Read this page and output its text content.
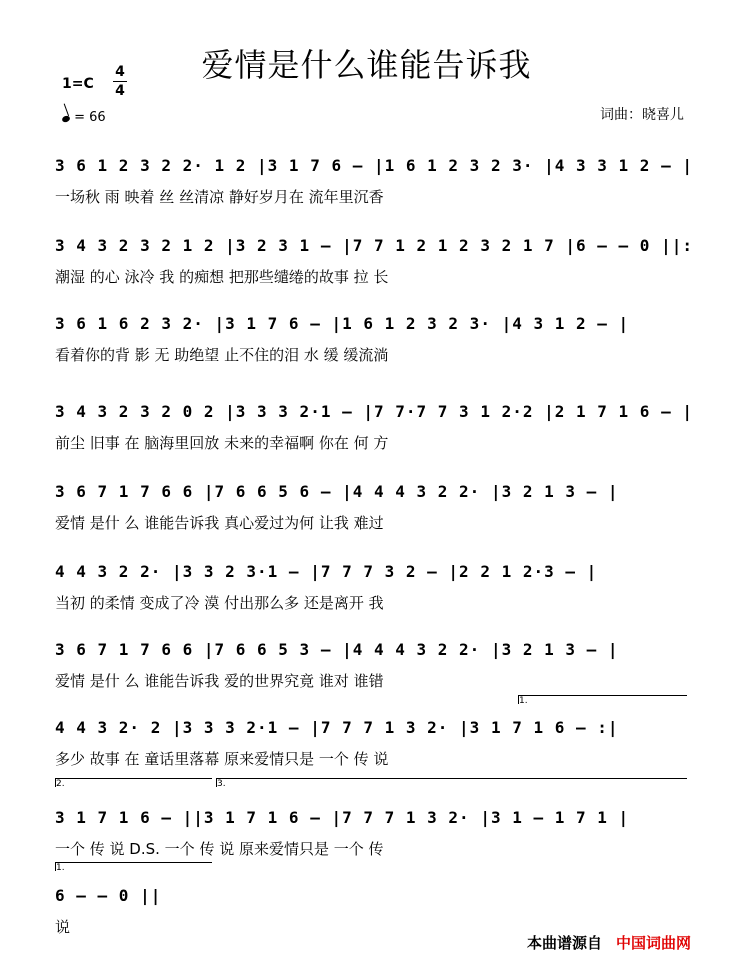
爱情是什么谁能告诉我
1=C
4
4
= 66	词曲：晓喜儿
3 6 1 2 3 2 2· 1 2 |3 1 7 6 – |1 6 1 2 3 2 3· |4 3 3 1 2 – |
一场秋 雨 映着 丝 丝清凉 静好岁月在 流年里沉香
3 4 3 2 3 2 1 2 |3 2 3 1 – |7 7 1 2 1 2 3 2 1 7 |6 – – 0 ||:
潮湿 的心 泳冷 我 的痴想 把那些缱绻的故事 拉 长
3 6 1 6 2 3 2· |3 1 7 6 – |1 6 1 2 3 2 3· |4 3 1 2 – |
看着你的背 影 无 助绝望 止不住的泪 水 缓 缓流淌
3 4 3 2 3 2 0 2 |3 3 3 2·1 – |7 7·7 7 3 1 2·2 |2 1 7 1 6 – |
前尘 旧事 在 脑海里回放 未来的幸福啊 你在 何 方
3 6 7 1 7 6 6 |7 6 6 5 6 – |4 4 4 3 2 2· |3 2 1 3 – |
爱情 是什 么 谁能告诉我 真心爱过为何 让我 难过
4 4 3 2 2· |3 3 2 3·1 – |7 7 7 3 2 – |2 2 1 2·3 – |
当初 的柔情 变成了冷 漠 付出那么多 还是离开 我
3 6 7 1 7 6 6 |7 6 6 5 3 – |4 4 4 3 2 2· |3 2 1 3 – |
爱情 是什 么 谁能告诉我 爱的世界究竟 谁对 谁错
1.
4 4 3 2· 2 |3 3 3 2·1 – |7 7 7 1 3 2· |3 1 7 1 6 – :|
多少 故事 在 童话里落幕 原来爱情只是 一个 传 说
2.	3.
3 1 7 1 6 – ||3 1 7 1 6 – |7 7 7 1 3 2· |3 1 – 1 7 1 |
一个 传 说 D.S. 一个 传 说 原来爱情只是 一个 传
1.
6 – – 0 ||
说
本曲谱源自 中国词曲网
